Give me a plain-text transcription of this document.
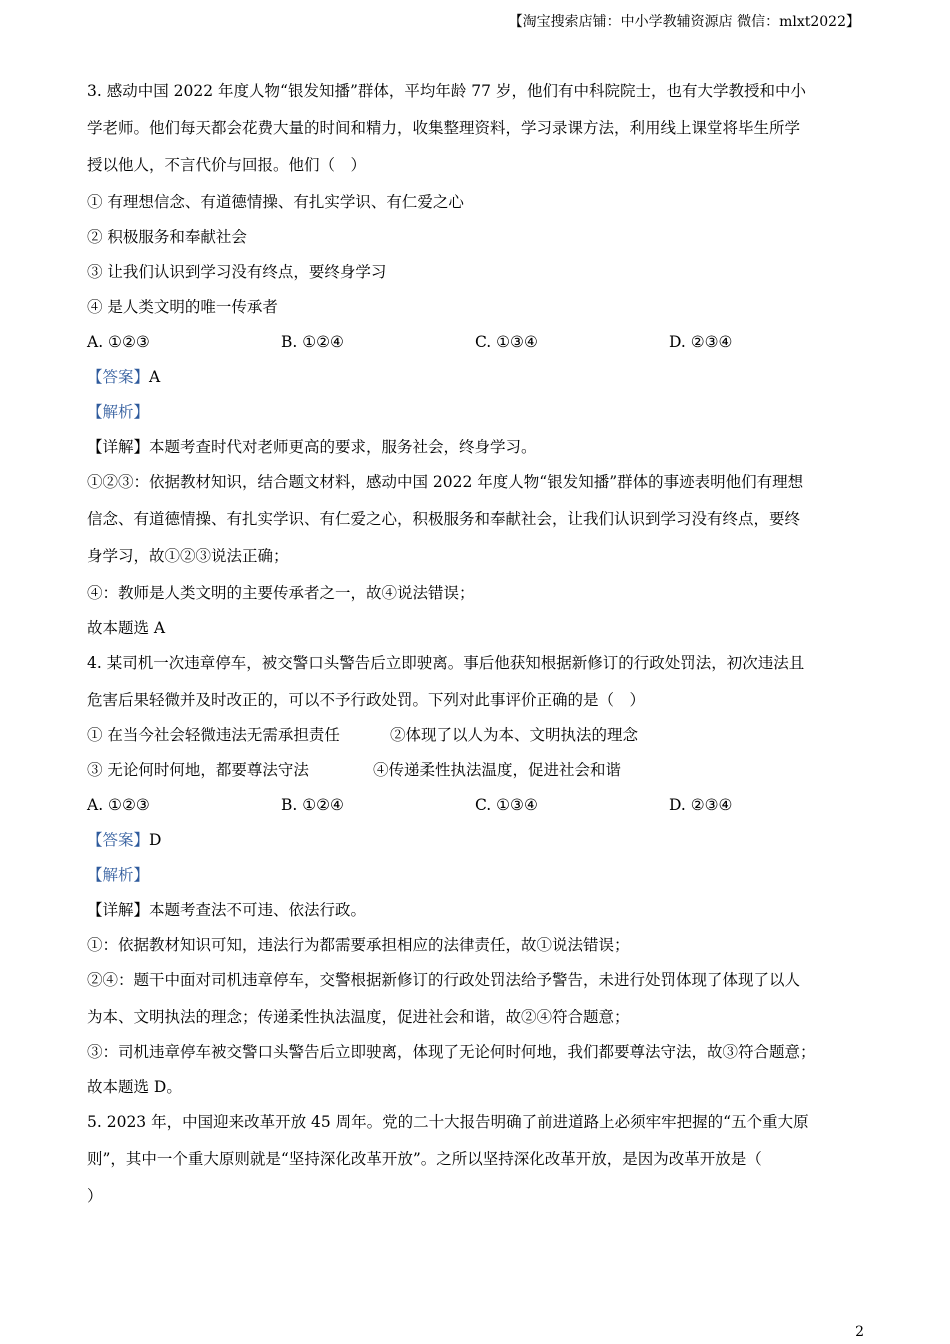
【淘宝搜索店铺：中小学教辅资源店 微信：mlxt2022】
3. 感动中国 2022 年度人物“银发知播”群体，平均年龄 77 岁，他们有中科院院士，也有大学教授和中小
学老师。他们每天都会花费大量的时间和精力，收集整理资料，学习录课方法，利用线上课堂将毕生所学
授以他人，不言代价与回报。他们（　）
① 有理想信念、有道德情操、有扎实学识、有仁爱之心
② 积极服务和奉献社会
③ 让我们认识到学习没有终点，要终身学习
④ 是人类文明的唯一传承者
A. ①②③	B. ①②④	C. ①③④	D. ②③④
【答案】A
【解析】
【详解】本题考查时代对老师更高的要求，服务社会，终身学习。
①②③：依据教材知识，结合题文材料，感动中国 2022 年度人物“银发知播”群体的事迹表明他们有理想
信念、有道德情操、有扎实学识、有仁爱之心，积极服务和奉献社会，让我们认识到学习没有终点，要终
身学习，故①②③说法正确；
④：教师是人类文明的主要传承者之一，故④说法错误；
故本题选 A
4. 某司机一次违章停车，被交警口头警告后立即驶离。事后他获知根据新修订的行政处罚法，初次违法且
危害后果轻微并及时改正的，可以不予行政处罚。下列对此事评价正确的是（　）
① 在当今社会轻微违法无需承担责任	②体现了以人为本、文明执法的理念
③ 无论何时何地，都要尊法守法	④传递柔性执法温度，促进社会和谐
A. ①②③	B. ①②④	C. ①③④	D. ②③④
【答案】D
【解析】
【详解】本题考查法不可违、依法行政。
①：依据教材知识可知，违法行为都需要承担相应的法律责任，故①说法错误；
②④：题干中面对司机违章停车，交警根据新修订的行政处罚法给予警告，未进行处罚体现了体现了以人
为本、文明执法的理念；传递柔性执法温度，促进社会和谐，故②④符合题意；
③：司机违章停车被交警口头警告后立即驶离，体现了无论何时何地，我们都要尊法守法，故③符合题意；
故本题选 D。
5. 2023 年，中国迎来改革开放 45 周年。党的二十大报告明确了前进道路上必须牢牢把握的“五个重大原
则”，其中一个重大原则就是“坚持深化改革开放”。之所以坚持深化改革开放，是因为改革开放是（
）
2
